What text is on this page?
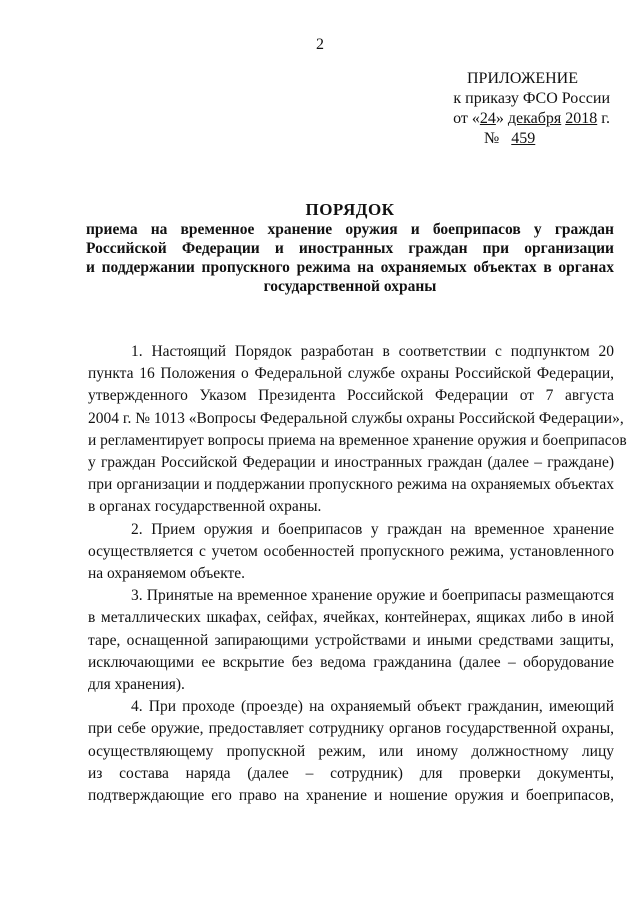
2
ПРИЛОЖЕНИЕ
к приказу ФСО России
от «24» декабря 2018 г.
№ 459
ПОРЯДОК
приема на временное хранение оружия и боеприпасов у граждан
Российской Федерации и иностранных граждан при организации
и поддержании пропускного режима на охраняемых объектах в органах
государственной охраны

1. Настоящий Порядок разработан в соответствии с подпунктом 20
пункта 16 Положения о Федеральной службе охраны Российской Федерации,
утвержденного Указом Президента Российской Федерации от 7 августа
2004 г. № 1013 «Вопросы Федеральной службы охраны Российской Федерации»,
и регламентирует вопросы приема на временное хранение оружия и боеприпасов
у граждан Российской Федерации и иностранных граждан (далее – граждане)
при организации и поддержании пропускного режима на охраняемых объектах
в органах государственной охраны.

2. Прием оружия и боеприпасов у граждан на временное хранение
осуществляется с учетом особенностей пропускного режима, установленного
на охраняемом объекте.

3. Принятые на временное хранение оружие и боеприпасы размещаются
в металлических шкафах, сейфах, ячейках, контейнерах, ящиках либо в иной
таре, оснащенной запирающими устройствами и иными средствами защиты,
исключающими ее вскрытие без ведома гражданина (далее – оборудование
для хранения).

4. При проходе (проезде) на охраняемый объект гражданин, имеющий
при себе оружие, предоставляет сотруднику органов государственной охраны,
осуществляющему пропускной режим, или иному должностному лицу
из состава наряда (далее – сотрудник) для проверки документы,
подтверждающие его право на хранение и ношение оружия и боеприпасов,
